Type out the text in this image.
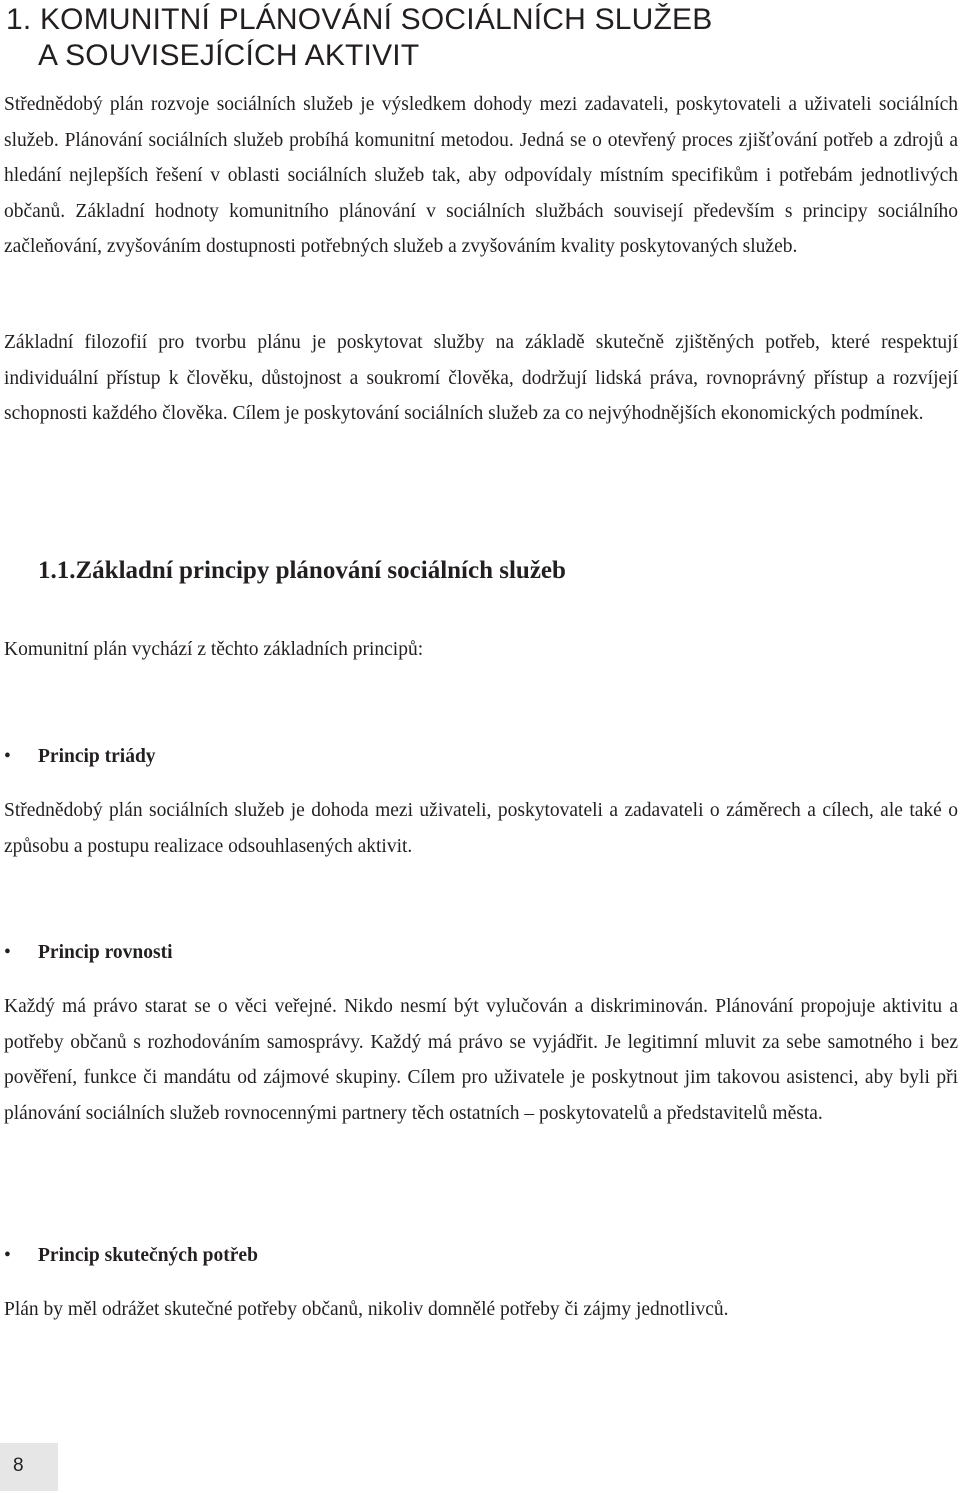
1. KOMUNITNÍ PLÁNOVÁNÍ SOCIÁLNÍCH SLUŽEB
A SOUVISEJÍCÍCH AKTIVIT

Střednědobý plán rozvoje sociálních služeb je výsledkem dohody mezi zadavateli, poskytovateli a uživateli sociálních služeb. Plánování sociálních služeb probíhá komunitní metodou. Jedná se o otevřený proces zjišťování potřeb a zdrojů a hledání nejlepších řešení v oblasti sociálních služeb tak, aby odpovídaly místním specifikům i potřebám jednotlivých občanů. Základní hodnoty komunitního plánování v sociálních službách souvisejí především s principy sociálního začleňování, zvyšováním dostupnosti potřebných služeb a zvyšováním kvality poskytovaných služeb.

Základní filozofií pro tvorbu plánu je poskytovat služby na základě skutečně zjištěných potřeb, které respektují individuální přístup k člověku, důstojnost a soukromí člověka, dodržují lidská práva, rovnoprávný přístup a rozvíjejí schopnosti každého člověka. Cílem je poskytování sociálních služeb za co nejvýhodnějších ekonomických podmínek.

1.1.Základní principy plánování sociálních služeb

Komunitní plán vychází z těchto základních principů:

• Princip triády

Střednědobý plán sociálních služeb je dohoda mezi uživateli, poskytovateli a zadavateli o záměrech a cílech, ale také o způsobu a postupu realizace odsouhlasených aktivit.

• Princip rovnosti

Každý má právo starat se o věci veřejné. Nikdo nesmí být vylučován a diskriminován. Plánování propojuje aktivitu a potřeby občanů s rozhodováním samosprávy. Každý má právo se vyjádřit. Je legitimní mluvit za sebe samotného i bez pověření, funkce či mandátu od zájmové skupiny. Cílem pro uživatele je poskytnout jim takovou asistenci, aby byli při plánování sociálních služeb rovnocennými partnery těch ostatních – poskytovatelů a představitelů města.

• Princip skutečných potřeb

Plán by měl odrážet skutečné potřeby občanů, nikoliv domnělé potřeby či zájmy jednotlivců.

8
